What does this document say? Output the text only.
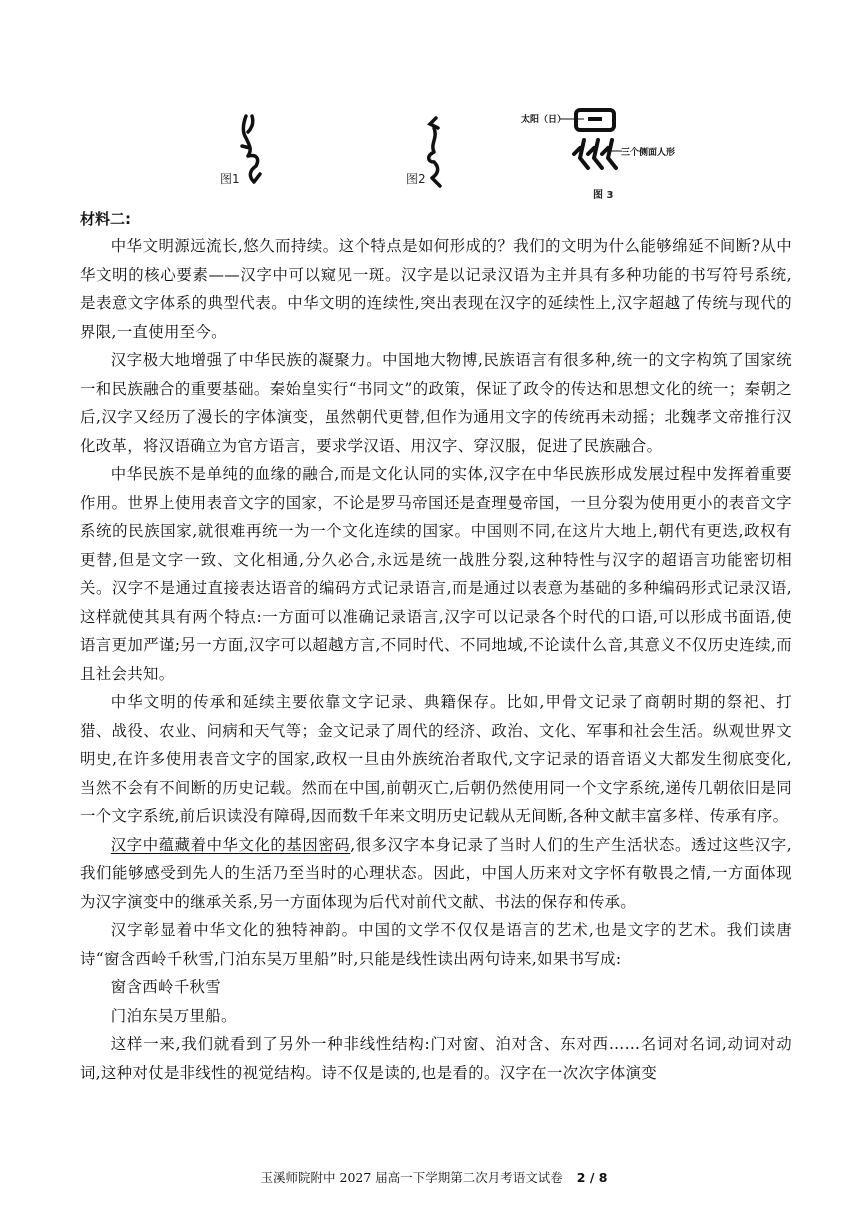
图1	图2
太阳（日）
三个侧面人形
图 3
材料二:

中华文明源远流长,悠久而持续。这个特点是如何形成的？我们的文明为什么能够绵延不间断?从中华文明的核心要素——汉字中可以窥见一斑。汉字是以记录汉语为主并具有多种功能的书写符号系统,是表意文字体系的典型代表。中华文明的连续性,突出表现在汉字的延续性上,汉字超越了传统与现代的界限,一直使用至今。

汉字极大地增强了中华民族的凝聚力。中国地大物博,民族语言有很多种,统一的文字构筑了国家统一和民族融合的重要基础。秦始皇实行“书同文”的政策，保证了政令的传达和思想文化的统一；秦朝之后,汉字又经历了漫长的字体演变，虽然朝代更替,但作为通用文字的传统再未动摇；北魏孝文帝推行汉化改革，将汉语确立为官方语言，要求学汉语、用汉字、穿汉服，促进了民族融合。

中华民族不是单纯的血缘的融合,而是文化认同的实体,汉字在中华民族形成发展过程中发挥着重要作用。世界上使用表音文字的国家，不论是罗马帝国还是查理曼帝国，一旦分裂为使用更小的表音文字系统的民族国家,就很难再统一为一个文化连续的国家。中国则不同,在这片大地上,朝代有更迭,政权有更替,但是文字一致、文化相通,分久必合,永远是统一战胜分裂,这种特性与汉字的超语言功能密切相关。汉字不是通过直接表达语音的编码方式记录语言,而是通过以表意为基础的多种编码形式记录汉语,这样就使其具有两个特点:一方面可以准确记录语言,汉字可以记录各个时代的口语,可以形成书面语,使语言更加严谨;另一方面,汉字可以超越方言,不同时代、不同地域,不论读什么音,其意义不仅历史连续,而且社会共知。

中华文明的传承和延续主要依靠文字记录、典籍保存。比如,甲骨文记录了商朝时期的祭祀、打猎、战役、农业、问病和天气等；金文记录了周代的经济、政治、文化、军事和社会生活。纵观世界文明史,在许多使用表音文字的国家,政权一旦由外族统治者取代,文字记录的语音语义大都发生彻底变化,当然不会有不间断的历史记载。然而在中国,前朝灭亡,后朝仍然使用同一个文字系统,递传几朝依旧是同一个文字系统,前后识读没有障碍,因而数千年来文明历史记载从无间断,各种文献丰富多样、传承有序。

汉字中蕴藏着中华文化的基因密码,很多汉字本身记录了当时人们的生产生活状态。透过这些汉字,我们能够感受到先人的生活乃至当时的心理状态。因此，中国人历来对文字怀有敬畏之情,一方面体现为汉字演变中的继承关系,另一方面体现为后代对前代文献、书法的保存和传承。

汉字彰显着中华文化的独特神韵。中国的文学不仅仅是语言的艺术,也是文字的艺术。我们读唐诗“窗含西岭千秋雪,门泊东吴万里船”时,只能是线性读出两句诗来,如果书写成:

窗含西岭千秋雪

门泊东吴万里船。

这样一来,我们就看到了另外一种非线性结构:门对窗、泊对含、东对西……名词对名词,动词对动词,这种对仗是非线性的视觉结构。诗不仅是读的,也是看的。汉字在一次次字体演变

玉溪师院附中 2027 届高一下学期第二次月考语文试卷 2 / 8
